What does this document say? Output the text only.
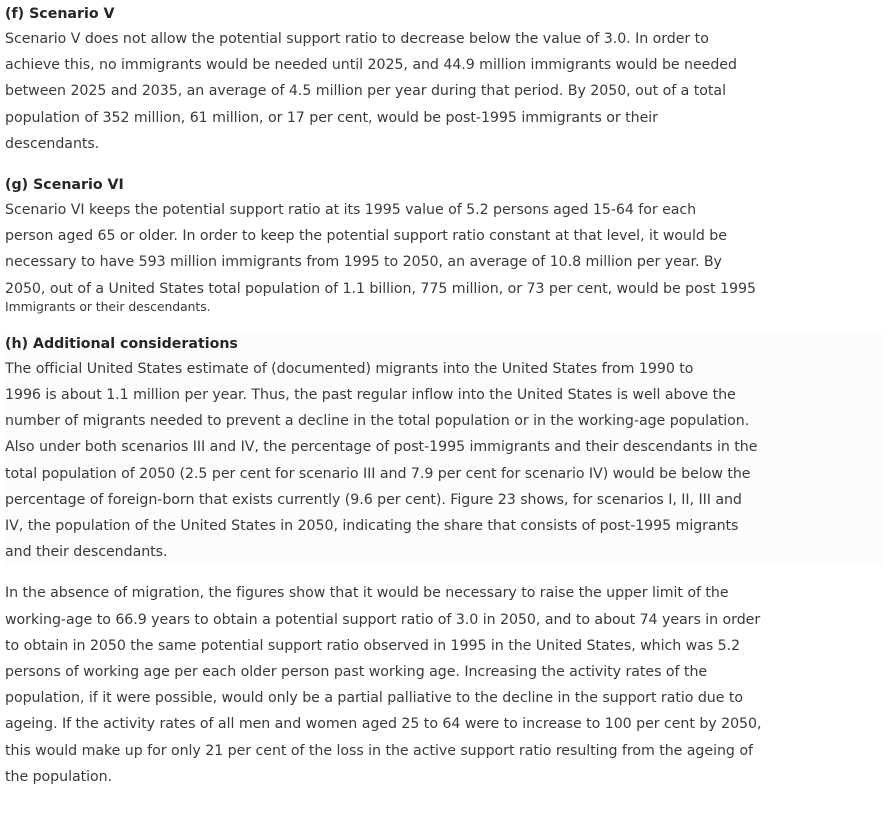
(f) Scenario V
Scenario V does not allow the potential support ratio to decrease below the value of 3.0. In order to
achieve this, no immigrants would be needed until 2025, and 44.9 million immigrants would be needed
between 2025 and 2035, an average of 4.5 million per year during that period. By 2050, out of a total
population of 352 million, 61 million, or 17 per cent, would be post-1995 immigrants or their
descendants.
(g) Scenario VI
Scenario VI keeps the potential support ratio at its 1995 value of 5.2 persons aged 15-64 for each
person aged 65 or older. In order to keep the potential support ratio constant at that level, it would be
necessary to have 593 million immigrants from 1995 to 2050, an average of 10.8 million per year. By
2050, out of a United States total population of 1.1 billion, 775 million, or 73 per cent, would be post 1995
Immigrants or their descendants.
(h) Additional considerations
The official United States estimate of (documented) migrants into the United States from 1990 to
1996 is about 1.1 million per year. Thus, the past regular inflow into the United States is well above the
number of migrants needed to prevent a decline in the total population or in the working-age population.
Also under both scenarios III and IV, the percentage of post-1995 immigrants and their descendants in the
total population of 2050 (2.5 per cent for scenario III and 7.9 per cent for scenario IV) would be below the
percentage of foreign-born that exists currently (9.6 per cent). Figure 23 shows, for scenarios I, II, III and
IV, the population of the United States in 2050, indicating the share that consists of post-1995 migrants
and their descendants.
In the absence of migration, the figures show that it would be necessary to raise the upper limit of the
working-age to 66.9 years to obtain a potential support ratio of 3.0 in 2050, and to about 74 years in order
to obtain in 2050 the same potential support ratio observed in 1995 in the United States, which was 5.2
persons of working age per each older person past working age. Increasing the activity rates of the
population, if it were possible, would only be a partial palliative to the decline in the support ratio due to
ageing. If the activity rates of all men and women aged 25 to 64 were to increase to 100 per cent by 2050,
this would make up for only 21 per cent of the loss in the active support ratio resulting from the ageing of
the population.
